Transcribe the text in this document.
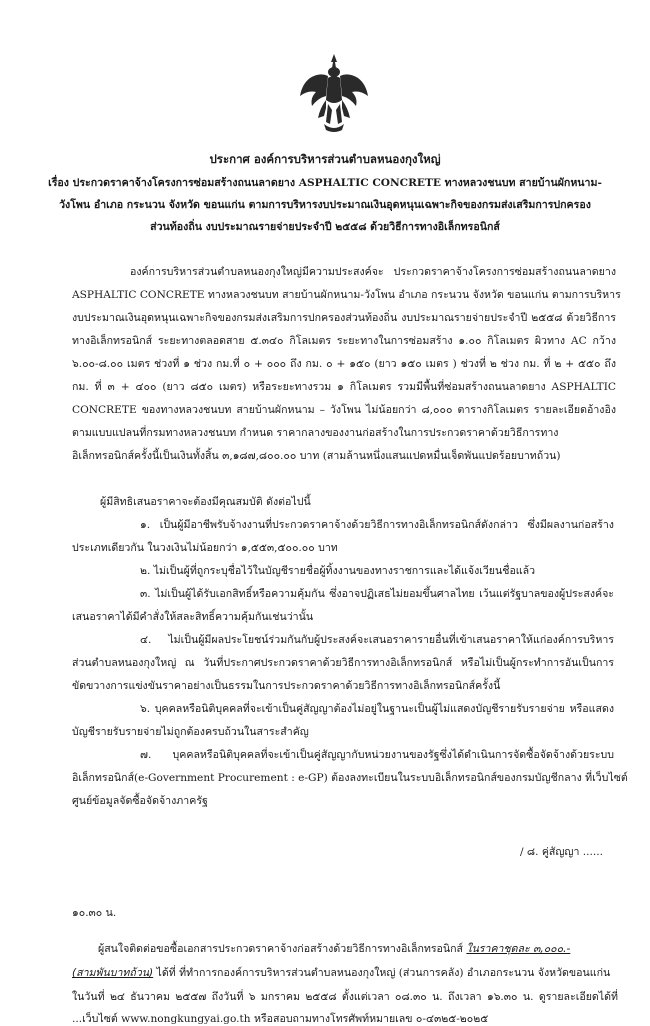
ประกาศ องค์การบริหารส่วนตำบลหนองกุงใหญ่
เรื่อง ประกวดราคาจ้างโครงการซ่อมสร้างถนนลาดยาง ASPHALTIC CONCRETE ทางหลวงชนบท สายบ้านผักหนาม-
วังโพน อำเภอ กระนวน จังหวัด ขอนแก่น ตามการบริหารงบประมาณเงินอุดหนุนเฉพาะกิจของกรมส่งเสริมการปกครอง
ส่วนท้องถิ่น งบประมาณรายจ่ายประจำปี ๒๕๕๘ ด้วยวิธีการทางอิเล็กทรอนิกส์
องค์การบริหารส่วนตำบลหนองกุงใหญ่มีความประสงค์จะ ประกวดราคาจ้างโครงการซ่อมสร้างถนนลาดยาง
ASPHALTIC CONCRETE ทางหลวงชนบท สายบ้านผักหนาม-วังโพน อำเภอ กระนวน จังหวัด ขอนแก่น ตามการบริหาร
งบประมาณเงินอุดหนุนเฉพาะกิจของกรมส่งเสริมการปกครองส่วนท้องถิ่น งบประมาณรายจ่ายประจำปี ๒๕๕๘ ด้วยวิธีการ
ทางอิเล็กทรอนิกส์ ระยะทางตลอดสาย ๕.๓๔๐ กิโลเมตร ระยะทางในการซ่อมสร้าง ๑.๐๐ กิโลเมตร ผิวทาง AC กว้าง
๖.๐๐-๘.๐๐ เมตร ช่วงที่ ๑ ช่วง กม.ที่ ๐ + ๐๐๐ ถึง กม. ๐ + ๑๕๐ (ยาว ๑๕๐ เมตร ) ช่วงที่ ๒ ช่วง กม. ที่ ๒ + ๕๕๐ ถึง
กม. ที่ ๓ + ๔๐๐ (ยาว ๘๕๐ เมตร) หรือระยะทางรวม ๑ กิโลเมตร รวมมีพื้นที่ซ่อมสร้างถนนลาดยาง ASPHALTIC
CONCRETE ของทางหลวงชนบท สายบ้านผักหนาม – วังโพน ไม่น้อยกว่า ๘,๐๐๐ ตารางกิโลเมตร รายละเอียดอ้างอิง
ตามแบบแปลนที่กรมทางหลวงชนบท กำหนด ราคากลางของงานก่อสร้างในการประกวดราคาด้วยวิธีการทาง
อิเล็กทรอนิกส์ครั้งนี้เป็นเงินทั้งสิ้น ๓,๑๘๗,๘๐๐.๐๐ บาท (สามล้านหนึ่งแสนแปดหมื่นเจ็ดพันแปดร้อยบาทถ้วน)
ผู้มีสิทธิเสนอราคาจะต้องมีคุณสมบัติ ดังต่อไปนี้
๑. เป็นผู้มีอาชีพรับจ้างงานที่ประกวดราคาจ้างด้วยวิธีการทางอิเล็กทรอนิกส์ดังกล่าว ซึ่งมีผลงานก่อสร้าง
ประเภทเดียวกัน ในวงเงินไม่น้อยกว่า ๑,๕๕๓,๕๐๐.๐๐ บาท
๒. ไม่เป็นผู้ที่ถูกระบุชื่อไว้ในบัญชีรายชื่อผู้ทิ้งงานของทางราชการและได้แจ้งเวียนชื่อแล้ว
๓. ไม่เป็นผู้ได้รับเอกสิทธิ์หรือความคุ้มกัน ซึ่งอาจปฏิเสธไม่ยอมขึ้นศาลไทย เว้นแต่รัฐบาลของผู้ประสงค์จะ
เสนอราคาได้มีคำสั่งให้สละสิทธิ์ความคุ้มกันเช่นว่านั้น
๔. ไม่เป็นผู้มีผลประโยชน์ร่วมกันกับผู้ประสงค์จะเสนอราคารายอื่นที่เข้าเสนอราคาให้แก่องค์การบริหาร
ส่วนตำบลหนองกุงใหญ่ ณ วันที่ประกาศประกวดราคาด้วยวิธีการทางอิเล็กทรอนิกส์ หรือไม่เป็นผู้กระทำการอันเป็นการ
ขัดขวางการแข่งขันราคาอย่างเป็นธรรมในการประกวดราคาด้วยวิธีการทางอิเล็กทรอนิกส์ครั้งนี้
๖. บุคคลหรือนิติบุคคลที่จะเข้าเป็นคู่สัญญาต้องไม่อยู่ในฐานะเป็นผู้ไม่แสดงบัญชีรายรับรายจ่าย หรือแสดง
บัญชีรายรับรายจ่ายไม่ถูกต้องครบถ้วนในสาระสำคัญ
๗. บุคคลหรือนิติบุคคลที่จะเข้าเป็นคู่สัญญากับหน่วยงานของรัฐซึ่งได้ดำเนินการจัดซื้อจัดจ้างด้วยระบบ
อิเล็กทรอนิกส์(e-Government Procurement : e-GP) ต้องลงทะเบียนในระบบอิเล็กทรอนิกส์ของกรมบัญชีกลาง ที่เว็บไซต์
ศูนย์ข้อมูลจัดซื้อจัดจ้างภาครัฐ
/ ๘. คู่สัญญา ......
๑๐.๓๐ น.
ผู้สนใจติดต่อขอซื้อเอกสารประกวดราคาจ้างก่อสร้างด้วยวิธีการทางอิเล็กทรอนิกส์ ในราคาชุดละ ๓,๐๐๐.-
(สามพันบาทถ้วน) ได้ที่ ที่ทำการกองค์การบริหารส่วนตำบลหนองกุงใหญ่ (ส่วนการคลัง) อำเภอกระนวน จังหวัดขอนแก่น
ในวันที่ ๒๔ ธันวาคม ๒๕๕๗ ถึงวันที่ ๖ มกราคม ๒๕๕๘ ตั้งแต่เวลา ๐๘.๓๐ น. ถึงเวลา ๑๖.๓๐ น. ดูรายละเอียดได้ที่
...เว็บไซต์ www.nongkungyai.go.th หรือสอบถามทางโทรศัพท์หมายเลข ๐-๔๓๒๕-๒๐๒๕
